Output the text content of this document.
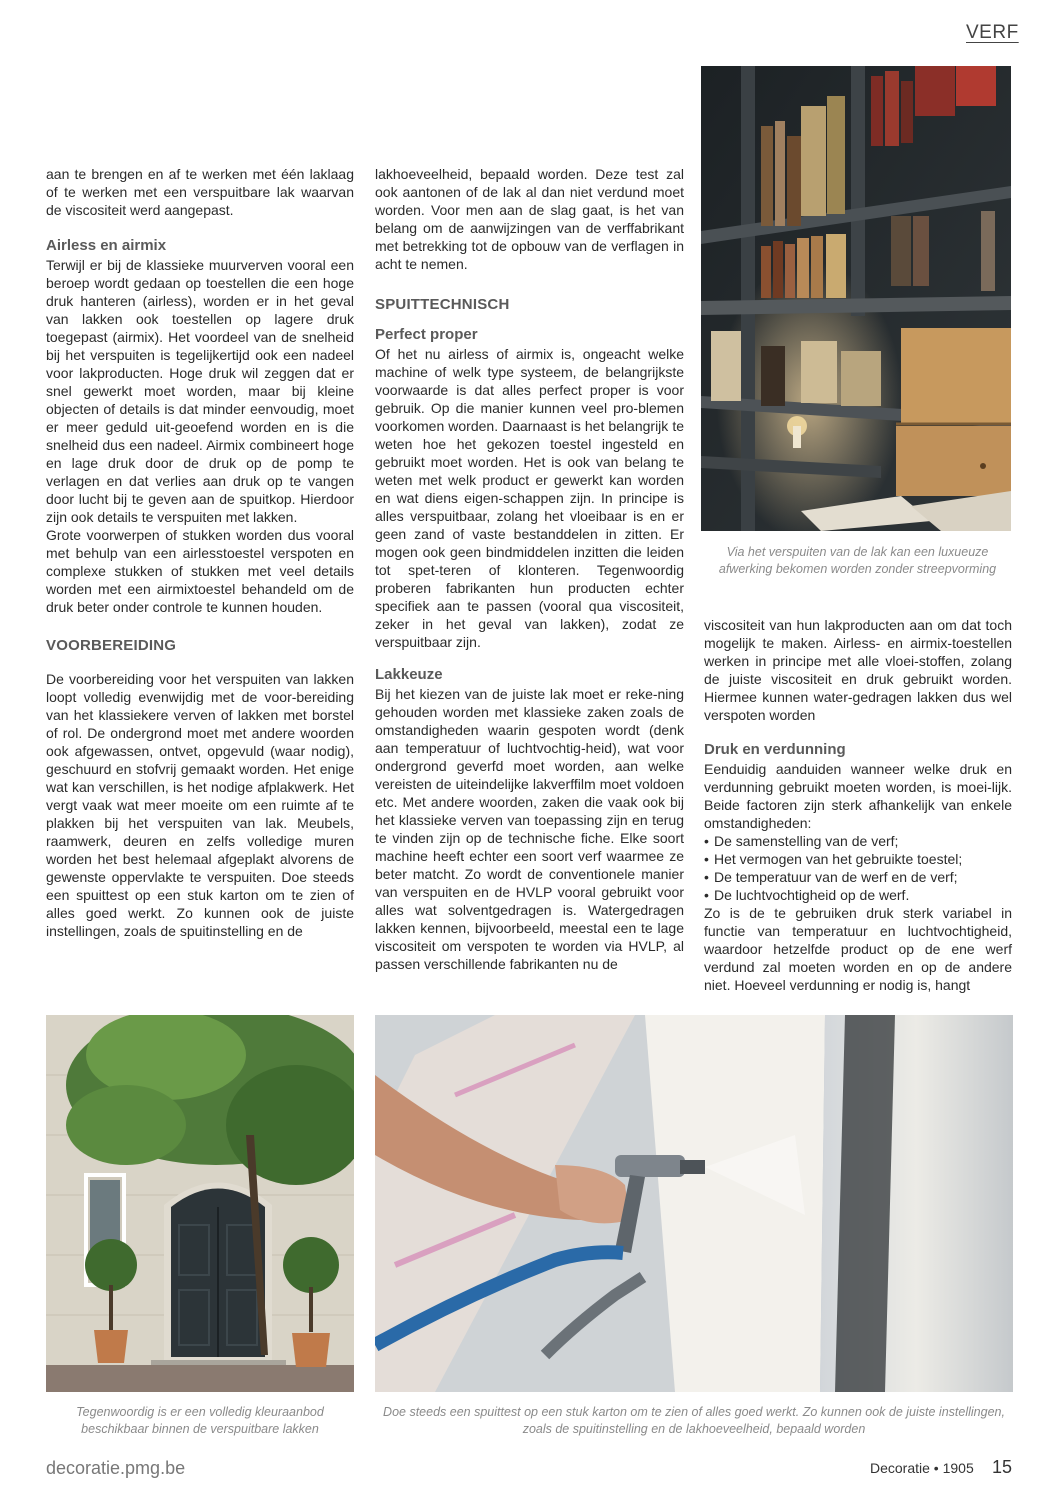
VERF

aan te brengen en af te werken met één laklaag of te werken met een verspuitbare lak waarvan de viscositeit werd aangepast.

Airless en airmix

Terwijl er bij de klassieke muurverven vooral een beroep wordt gedaan op toestellen die een hoge druk hanteren (airless), worden er in het geval van lakken ook toestellen op lagere druk toegepast (airmix). Het voordeel van de snelheid bij het verspuiten is tegelijkertijd ook een nadeel voor lakproducten. Hoge druk wil zeggen dat er snel gewerkt moet worden, maar bij kleine objecten of details is dat minder eenvoudig, moet er meer geduld uit-geoefend worden en is die snelheid dus een nadeel. Airmix combineert hoge en lage druk door de druk op de pomp te verlagen en dat verlies aan druk op te vangen door lucht bij te geven aan de spuitkop. Hierdoor zijn ook details te verspuiten met lakken.

Grote voorwerpen of stukken worden dus vooral met behulp van een airlesstoestel verspoten en complexe stukken of stukken met veel details worden met een airmixtoestel behandeld om de druk beter onder controle te kunnen houden.

VOORBEREIDING

De voorbereiding voor het verspuiten van lakken loopt volledig evenwijdig met de voor-bereiding van het klassiekere verven of lakken met borstel of rol. De ondergrond moet met andere woorden ook afgewassen, ontvet, opgevuld (waar nodig), geschuurd en stofvrij gemaakt worden. Het enige wat kan verschillen, is het nodige afplakwerk. Het vergt vaak wat meer moeite om een ruimte af te plakken bij het verspuiten van lak. Meubels, raamwerk, deuren en zelfs volledige muren worden het best helemaal afgeplakt alvorens de gewenste oppervlakte te verspuiten. Doe steeds een spuittest op een stuk karton om te zien of alles goed werkt. Zo kunnen ook de juiste instellingen, zoals de spuitinstelling en de

lakhoeveelheid, bepaald worden. Deze test zal ook aantonen of de lak al dan niet verdund moet worden. Voor men aan de slag gaat, is het van belang om de aanwijzingen van de verffabrikant met betrekking tot de opbouw van de verflagen in acht te nemen.

SPUITTECHNISCH
Perfect proper

Of het nu airless of airmix is, ongeacht welke machine of welk type systeem, de belangrijkste voorwaarde is dat alles perfect proper is voor gebruik. Op die manier kunnen veel pro-blemen voorkomen worden. Daarnaast is het belangrijk te weten hoe het gekozen toestel ingesteld en gebruikt moet worden. Het is ook van belang te weten met welk product er gewerkt kan worden en wat diens eigen-schappen zijn. In principe is alles verspuitbaar, zolang het vloeibaar is en er geen zand of vaste bestanddelen in zitten. Er mogen ook geen bindmiddelen inzitten die leiden tot spet-teren of klonteren. Tegenwoordig proberen fabrikanten hun producten echter specifiek aan te passen (vooral qua viscositeit, zeker in het geval van lakken), zodat ze verspuitbaar zijn.

Lakkeuze

Bij het kiezen van de juiste lak moet er reke-ning gehouden worden met klassieke zaken zoals de omstandigheden waarin gespoten wordt (denk aan temperatuur of luchtvochtig-heid), wat voor ondergrond geverfd moet worden, aan welke vereisten de uiteindelijke lakverffilm moet voldoen etc. Met andere woorden, zaken die vaak ook bij het klassieke verven van toepassing zijn en terug te vinden zijn op de technische fiche. Elke soort machine heeft echter een soort verf waarmee ze beter matcht. Zo wordt de conventionele manier van verspuiten en de HVLP vooral gebruikt voor alles wat solventgedragen is. Watergedragen lakken kennen, bijvoorbeeld, meestal een te lage viscositeit om verspoten te worden via HVLP, al passen verschillende fabrikanten nu de

Via het verspuiten van de lak kan een luxueuze afwerking bekomen worden zonder streepvorming

viscositeit van hun lakproducten aan om dat toch mogelijk te maken. Airless- en airmix-toestellen werken in principe met alle vloei-stoffen, zolang de juiste viscositeit en druk gebruikt worden. Hiermee kunnen water-gedragen lakken dus wel verspoten worden

Druk en verdunning

Eenduidig aanduiden wanneer welke druk en verdunning gebruikt moeten worden, is moei-lijk. Beide factoren zijn sterk afhankelijk van enkele omstandigheden:

• De samenstelling van de verf;
• Het vermogen van het gebruikte toestel;
• De temperatuur van de werf en de verf;
• De luchtvochtigheid op de werf.

Zo is de te gebruiken druk sterk variabel in functie van temperatuur en luchtvochtigheid, waardoor hetzelfde product op de ene werf verdund zal moeten worden en op de andere niet. Hoeveel verdunning er nodig is, hangt

Tegenwoordig is er een volledig kleuraanbod beschikbaar binnen de verspuitbare lakken
Doe steeds een spuittest op een stuk karton om te zien of alles goed werkt. Zo kunnen ook de juiste instellingen, zoals de spuitinstelling en de lakhoeveelheid, bepaald worden
decoratie.pmg.be	Decoratie • 1905 15
